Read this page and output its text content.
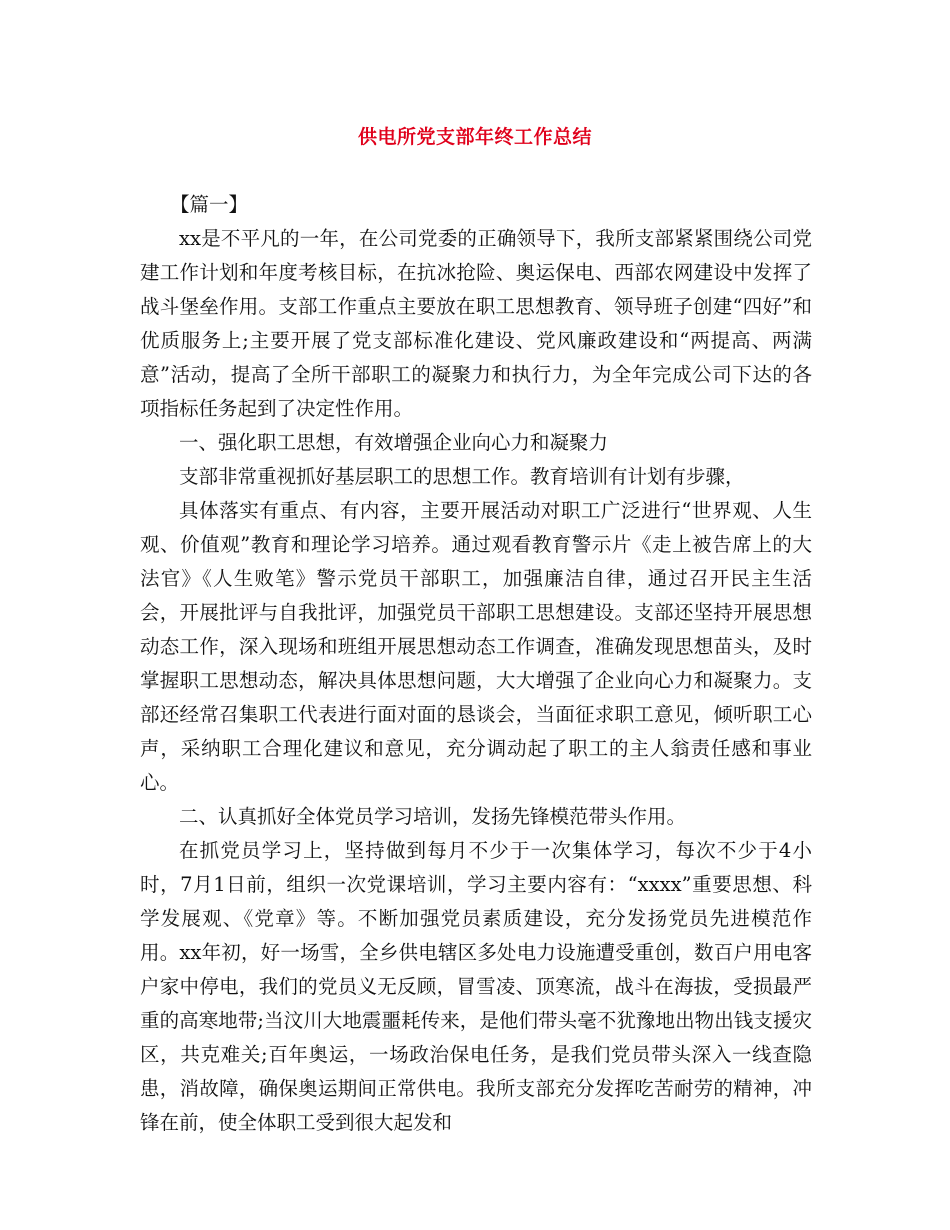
供电所党支部年终工作总结

【篇一】

xx是不平凡的一年，在公司党委的正确领导下，我所支部紧紧围绕公司党建工作计划和年度考核目标，在抗冰抢险、奥运保电、西部农网建设中发挥了战斗堡垒作用。支部工作重点主要放在职工思想教育、领导班子创建“四好”和优质服务上;主要开展了党支部标准化建设、党风廉政建设和“两提高、两满意”活动，提高了全所干部职工的凝聚力和执行力，为全年完成公司下达的各项指标任务起到了决定性作用。

一、强化职工思想，有效增强企业向心力和凝聚力

支部非常重视抓好基层职工的思想工作。教育培训有计划有步骤，

具体落实有重点、有内容，主要开展活动对职工广泛进行“世界观、人生观、价值观”教育和理论学习培养。通过观看教育警示片《走上被告席上的大法官》《人生败笔》警示党员干部职工，加强廉洁自律，通过召开民主生活会，开展批评与自我批评，加强党员干部职工思想建设。支部还坚持开展思想动态工作，深入现场和班组开展思想动态工作调查，准确发现思想苗头，及时掌握职工思想动态，解决具体思想问题，大大增强了企业向心力和凝聚力。支部还经常召集职工代表进行面对面的恳谈会，当面征求职工意见，倾听职工心声，采纳职工合理化建议和意见，充分调动起了职工的主人翁责任感和事业心。

二、认真抓好全体党员学习培训，发扬先锋模范带头作用。

在抓党员学习上，坚持做到每月不少于一次集体学习，每次不少于4小时，7月1日前，组织一次党课培训，学习主要内容有：“xxxx”重要思想、科学发展观、《党章》等。不断加强党员素质建设，充分发扬党员先进模范作用。xx年初，好一场雪，全乡供电辖区多处电力设施遭受重创，数百户用电客户家中停电，我们的党员义无反顾，冒雪凌、顶寒流，战斗在海拔，受损最严重的高寒地带;当汶川大地震噩耗传来，是他们带头毫不犹豫地出物出钱支援灾区，共克难关;百年奥运，一场政治保电任务，是我们党员带头深入一线查隐患，消故障，确保奥运期间正常供电。我所支部充分发挥吃苦耐劳的精神，冲锋在前，使全体职工受到很大起发和
